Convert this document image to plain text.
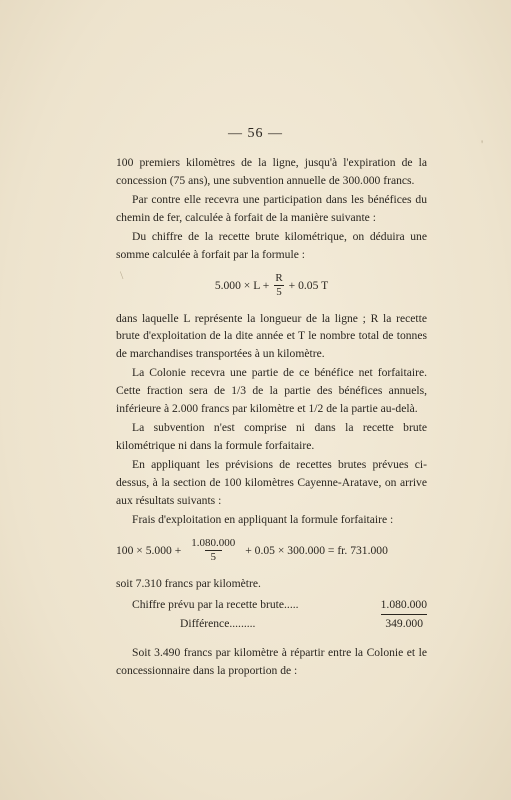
\
'
— 56 —

100 premiers kilomètres de la ligne, jusqu'à l'expiration de la concession (75 ans), une subvention annuelle de 300.000 francs.

Par contre elle recevra une participation dans les bénéfices du chemin de fer, calculée à forfait de la manière suivante :

Du chiffre de la recette brute kilométrique, on déduira une somme calculée à forfait par la formule :

$5.000 \times L + \frac{R}{5} + 0.05$ T

dans laquelle L représente la longueur de la ligne ; R la recette brute d'exploitation de la dite année et T le nombre total de tonnes de marchandises transportées à un kilomètre.

La Colonie recevra une partie de ce bénéfice net forfaitaire. Cette fraction sera de 1/3 de la partie des bénéfices annuels, inférieure à 2.000 francs par kilomètre et 1/2 de la partie au-delà.

La subvention n'est comprise ni dans la recette brute kilométrique ni dans la formule forfaitaire.

En appliquant les prévisions de recettes brutes prévues ci-dessus, à la section de 100 kilomètres Cayenne-Aratave, on arrive aux résultats suivants :

Frais d'exploitation en appliquant la formule forfaitaire :

$100 \times 5.000 + \frac{1.080.000}{5} + 0.05 \times 300.000$ = fr. 731.000

soit 7.310 francs par kilomètre.

Chiffre prévu par la recette brute.....	1.080.000
Différence.........	349.000

Soit 3.490 francs par kilomètre à répartir entre la Colonie et le concessionnaire dans la proportion de :
